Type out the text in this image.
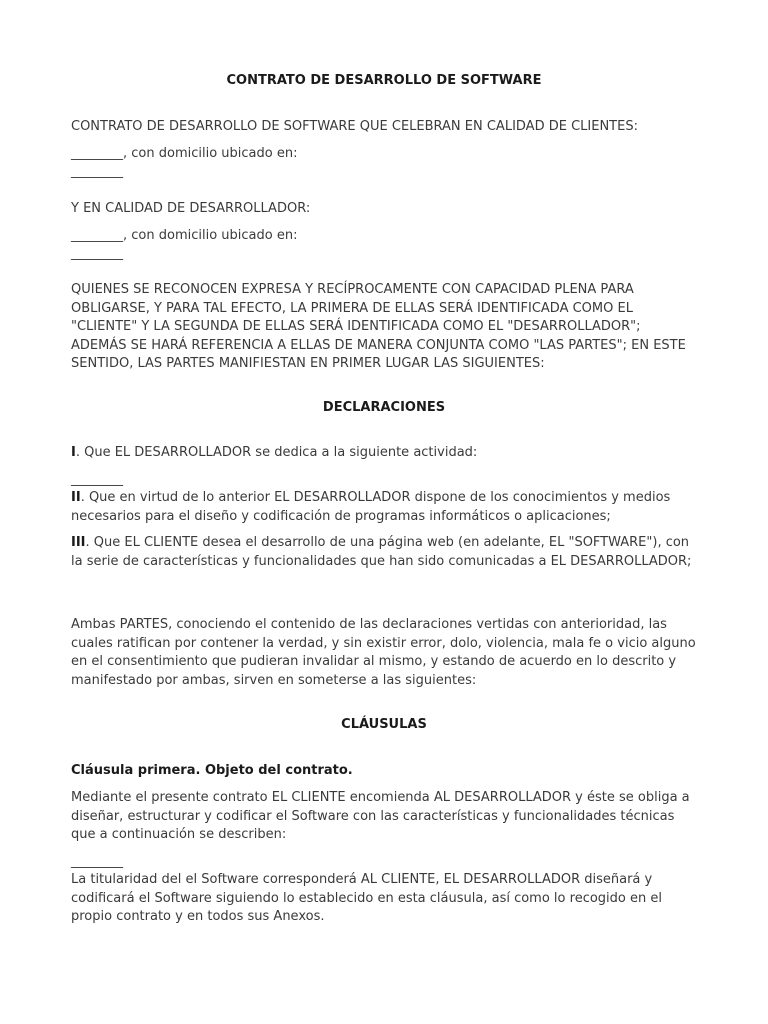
CONTRATO DE DESARROLLO DE SOFTWARE

CONTRATO DE DESARROLLO DE SOFTWARE QUE CELEBRAN EN CALIDAD DE CLIENTES:

________, con domicilio ubicado en:

________

Y EN CALIDAD DE DESARROLLADOR:

________, con domicilio ubicado en:

________

QUIENES SE RECONOCEN EXPRESA Y RECÍPROCAMENTE CON CAPACIDAD PLENA PARA OBLIGARSE, Y PARA TAL EFECTO, LA PRIMERA DE ELLAS SERÁ IDENTIFICADA COMO EL "CLIENTE" Y LA SEGUNDA DE ELLAS SERÁ IDENTIFICADA COMO EL "DESARROLLADOR"; ADEMÁS SE HARÁ REFERENCIA A ELLAS DE MANERA CONJUNTA COMO "LAS PARTES"; EN ESTE SENTIDO, LAS PARTES MANIFIESTAN EN PRIMER LUGAR LAS SIGUIENTES:

DECLARACIONES

I. Que EL DESARROLLADOR se dedica a la siguiente actividad:

________

II. Que en virtud de lo anterior EL DESARROLLADOR dispone de los conocimientos y medios necesarios para el diseño y codificación de programas informáticos o aplicaciones;

III. Que EL CLIENTE desea el desarrollo de una página web (en adelante, EL "SOFTWARE"), con la serie de características y funcionalidades que han sido comunicadas a EL DESARROLLADOR;

Ambas PARTES, conociendo el contenido de las declaraciones vertidas con anterioridad, las cuales ratifican por contener la verdad, y sin existir error, dolo, violencia, mala fe o vicio alguno en el consentimiento que pudieran invalidar al mismo, y estando de acuerdo en lo descrito y manifestado por ambas, sirven en someterse a las siguientes:

CLÁUSULAS

Cláusula primera. Objeto del contrato.

Mediante el presente contrato EL CLIENTE encomienda AL DESARROLLADOR y éste se obliga a diseñar, estructurar y codificar el Software con las características y funcionalidades técnicas que a continuación se describen:

________

La titularidad del el Software corresponderá AL CLIENTE, EL DESARROLLADOR diseñará y codificará el Software siguiendo lo establecido en esta cláusula, así como lo recogido en el propio contrato y en todos sus Anexos.
